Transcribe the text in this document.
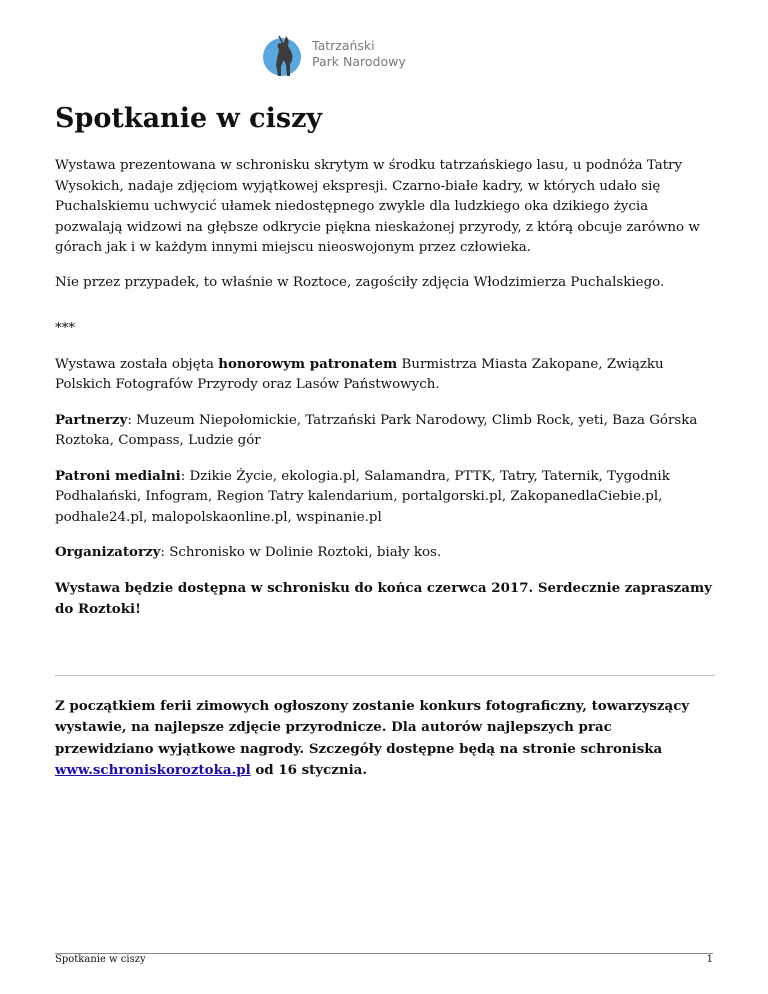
Tatrzański
Park Narodowy
Spotkanie w ciszy

Wystawa prezentowana w schronisku skrytym w środku tatrzańskiego lasu, u podnóża Tatry Wysokich, nadaje zdjęciom wyjątkowej ekspresji. Czarno-białe kadry, w których udało się Puchalskiemu uchwycić ułamek niedostępnego zwykle dla ludzkiego oka dzikiego życia pozwalają widzowi na głębsze odkrycie piękna nieskażonej przyrody, z którą obcuje zarówno w górach jak i w każdym innymi miejscu nieoswojonym przez człowieka.

Nie przez przypadek, to właśnie w Roztoce, zagościły zdjęcia Włodzimierza Puchalskiego.

***

Wystawa została objęta honorowym patronatem Burmistrza Miasta Zakopane, Związku Polskich Fotografów Przyrody oraz Lasów Państwowych.

Partnerzy: Muzeum Niepołomickie, Tatrzański Park Narodowy, Climb Rock, yeti, Baza Górska Roztoka, Compass, Ludzie gór

Patroni medialni: Dzikie Życie, ekologia.pl, Salamandra, PTTK, Tatry, Taternik, Tygodnik Podhalański, Infogram, Region Tatry kalendarium, portalgorski.pl, ZakopanedlaCiebie.pl, podhale24.pl, malopolskaonline.pl, wspinanie.pl

Organizatorzy: Schronisko w Dolinie Roztoki, biały kos.

Wystawa będzie dostępna w schronisku do końca czerwca 2017. Serdecznie zapraszamy do Roztoki!

Z początkiem ferii zimowych ogłoszony zostanie konkurs fotograficzny, towarzyszący wystawie, na najlepsze zdjęcie przyrodnicze. Dla autorów najlepszych prac przewidziano wyjątkowe nagrody. Szczegóły dostępne będą na stronie schroniska www.schroniskoroztoka.pl od 16 stycznia.

Spotkanie w ciszy	1
